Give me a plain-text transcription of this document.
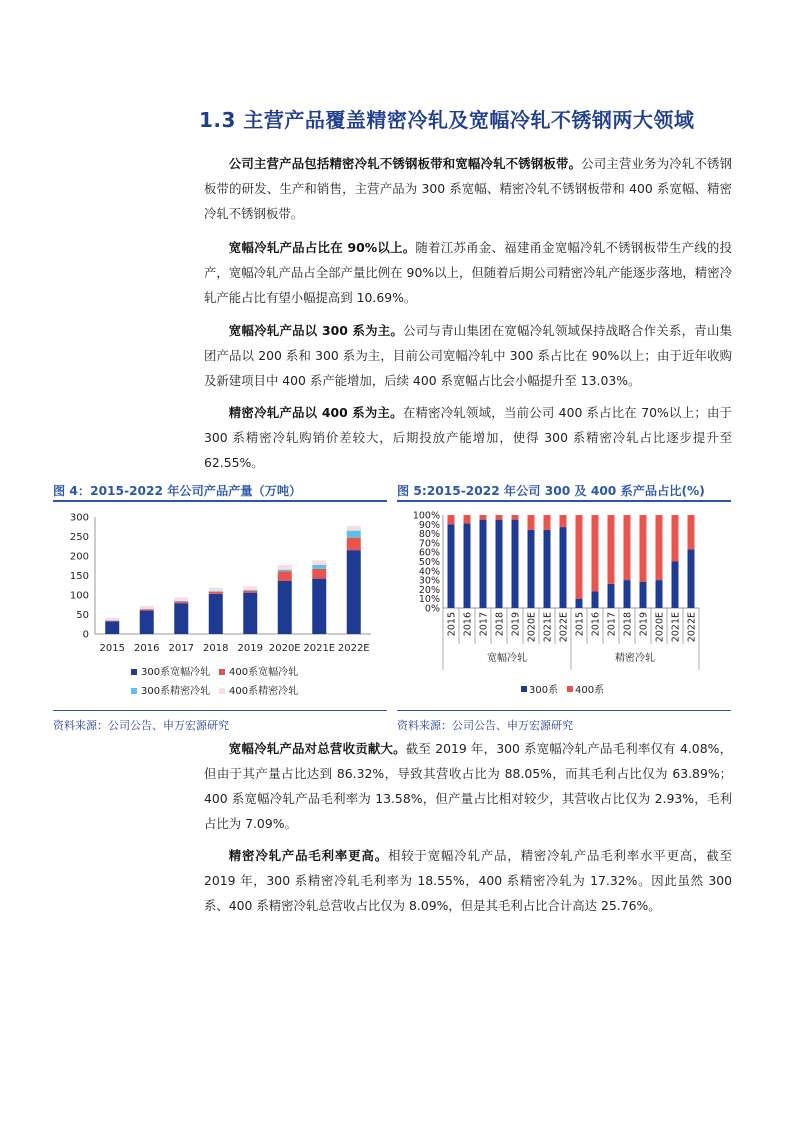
1.3 主营产品覆盖精密冷轧及宽幅冷轧不锈钢两大领域
公司主营产品包括精密冷轧不锈钢板带和宽幅冷轧不锈钢板带。公司主营业务为冷轧不锈钢板带的研发、生产和销售，主营产品为 300 系宽幅、精密冷轧不锈钢板带和 400 系宽幅、精密冷轧不锈钢板带。
宽幅冷轧产品占比在 90%以上。随着江苏甬金、福建甬金宽幅冷轧不锈钢板带生产线的投产，宽幅冷轧产品占全部产量比例在 90%以上，但随着后期公司精密冷轧产能逐步落地，精密冷轧产能占比有望小幅提高到 10.69%。
宽幅冷轧产品以 300 系为主。公司与青山集团在宽幅冷轧领域保持战略合作关系，青山集团产品以 200 系和 300 系为主，目前公司宽幅冷轧中 300 系占比在 90%以上；由于近年收购及新建项目中 400 系产能增加，后续 400 系宽幅占比会小幅提升至 13.03%。
精密冷轧产品以 400 系为主。在精密冷轧领域，当前公司 400 系占比在 70%以上；由于 300 系精密冷轧购销价差较大，后期投放产能增加，使得 300 系精密冷轧占比逐步提升至 62.55%。
图 4：2015-2022 年公司产品产量（万吨）
0
50
100
150
200
250
300
2015 2016 2017 2018 2019 2020E 2021E 2022E
300系宽幅冷轧 400系宽幅冷轧
300系精密冷轧 400系精密冷轧
资料来源：公司公告、申万宏源研究
图 5:2015-2022 年公司 300 及 400 系产品占比(%)
0%
10%
20%
30%
40%
50%
60%
70%
80%
90%
100%
2015 2016 2017 2018 2019 2020E 2021E 2022E 2015 2016 2017 2018 2019 2020E 2021E 2022E
宽幅冷轧	精密冷轧
300系 400系
资料来源：公司公告、申万宏源研究
宽幅冷轧产品对总营收贡献大。截至 2019 年，300 系宽幅冷轧产品毛利率仅有 4.08%，但由于其产量占比达到 86.32%，导致其营收占比为 88.05%，而其毛利占比仅为 63.89%；400 系宽幅冷轧产品毛利率为 13.58%，但产量占比相对较少，其营收占比仅为 2.93%，毛利占比为 7.09%。
精密冷轧产品毛利率更高。相较于宽幅冷轧产品，精密冷轧产品毛利率水平更高，截至 2019 年，300 系精密冷轧毛利率为 18.55%，400 系精密冷轧为 17.32%。因此虽然 300 系、400 系精密冷轧总营收占比仅为 8.09%，但是其毛利占比合计高达 25.76%。
